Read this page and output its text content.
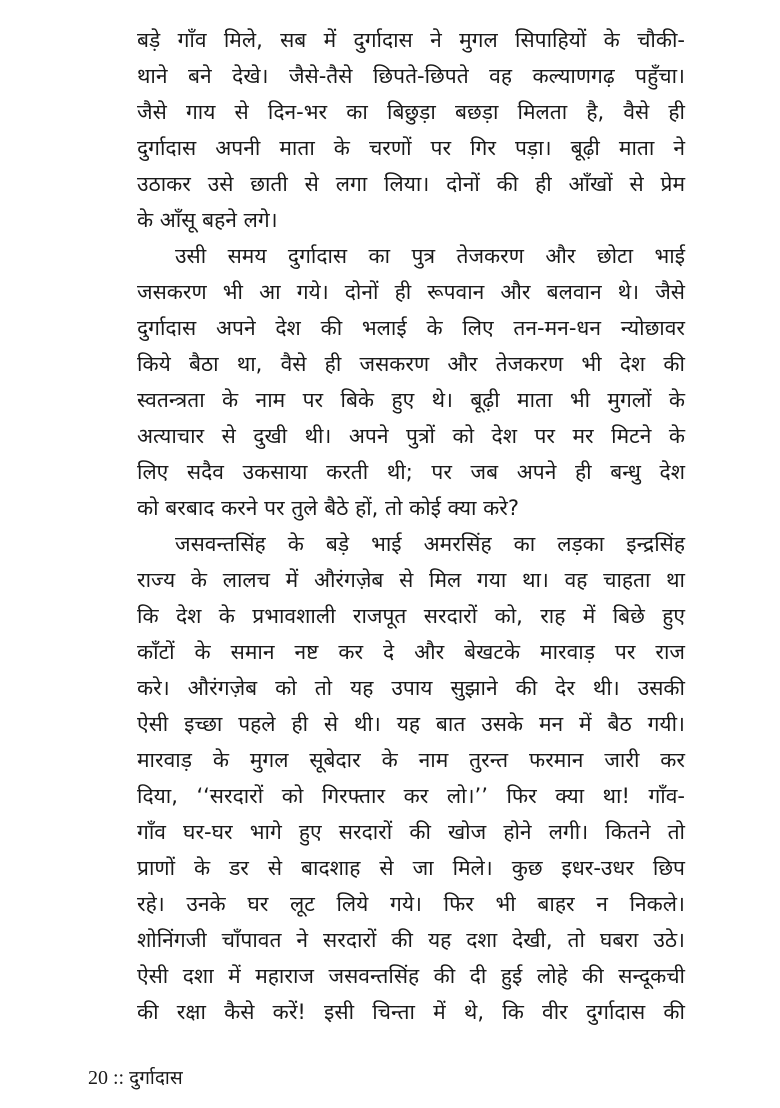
बड़े गाँव मिले, सब में दुर्गादास ने मुगल सिपाहियों के चौकी-
थाने बने देखे। जैसे-तैसे छिपते-छिपते वह कल्याणगढ़ पहुँचा।
जैसे गाय से दिन-भर का बिछुड़ा बछड़ा मिलता है, वैसे ही
दुर्गादास अपनी माता के चरणों पर गिर पड़ा। बूढ़ी माता ने
उठाकर उसे छाती से लगा लिया। दोनों की ही आँखों से प्रेम
के आँसू बहने लगे।
उसी समय दुर्गादास का पुत्र तेजकरण और छोटा भाई
जसकरण भी आ गये। दोनों ही रूपवान और बलवान थे। जैसे
दुर्गादास अपने देश की भलाई के लिए तन-मन-धन न्योछावर
किये बैठा था, वैसे ही जसकरण और तेजकरण भी देश की
स्वतन्त्रता के नाम पर बिके हुए थे। बूढ़ी माता भी मुगलों के
अत्याचार से दुखी थी। अपने पुत्रों को देश पर मर मिटने के
लिए सदैव उकसाया करती थी; पर जब अपने ही बन्धु देश
को बरबाद करने पर तुले बैठे हों, तो कोई क्या करे?
जसवन्तसिंह के बड़े भाई अमरसिंह का लड़का इन्द्रसिंह
राज्य के लालच में औरंगज़ेब से मिल गया था। वह चाहता था
कि देश के प्रभावशाली राजपूत सरदारों को, राह में बिछे हुए
काँटों के समान नष्ट कर दे और बेखटके मारवाड़ पर राज
करे। औरंगज़ेब को तो यह उपाय सुझाने की देर थी। उसकी
ऐसी इच्छा पहले ही से थी। यह बात उसके मन में बैठ गयी।
मारवाड़ के मुगल सूबेदार के नाम तुरन्त फरमान जारी कर
दिया, ‘‘सरदारों को गिरफ्तार कर लो।’’ फिर क्या था! गाँव-
गाँव घर-घर भागे हुए सरदारों की खोज होने लगी। कितने तो
प्राणों के डर से बादशाह से जा मिले। कुछ इधर-उधर छिप
रहे। उनके घर लूट लिये गये। फिर भी बाहर न निकले।
शोनिंगजी चाँपावत ने सरदारों की यह दशा देखी, तो घबरा उठे।
ऐसी दशा में महाराज जसवन्तसिंह की दी हुई लोहे की सन्दूकची
की रक्षा कैसे करें! इसी चिन्ता में थे, कि वीर दुर्गादास की
20 :: दुर्गादास
